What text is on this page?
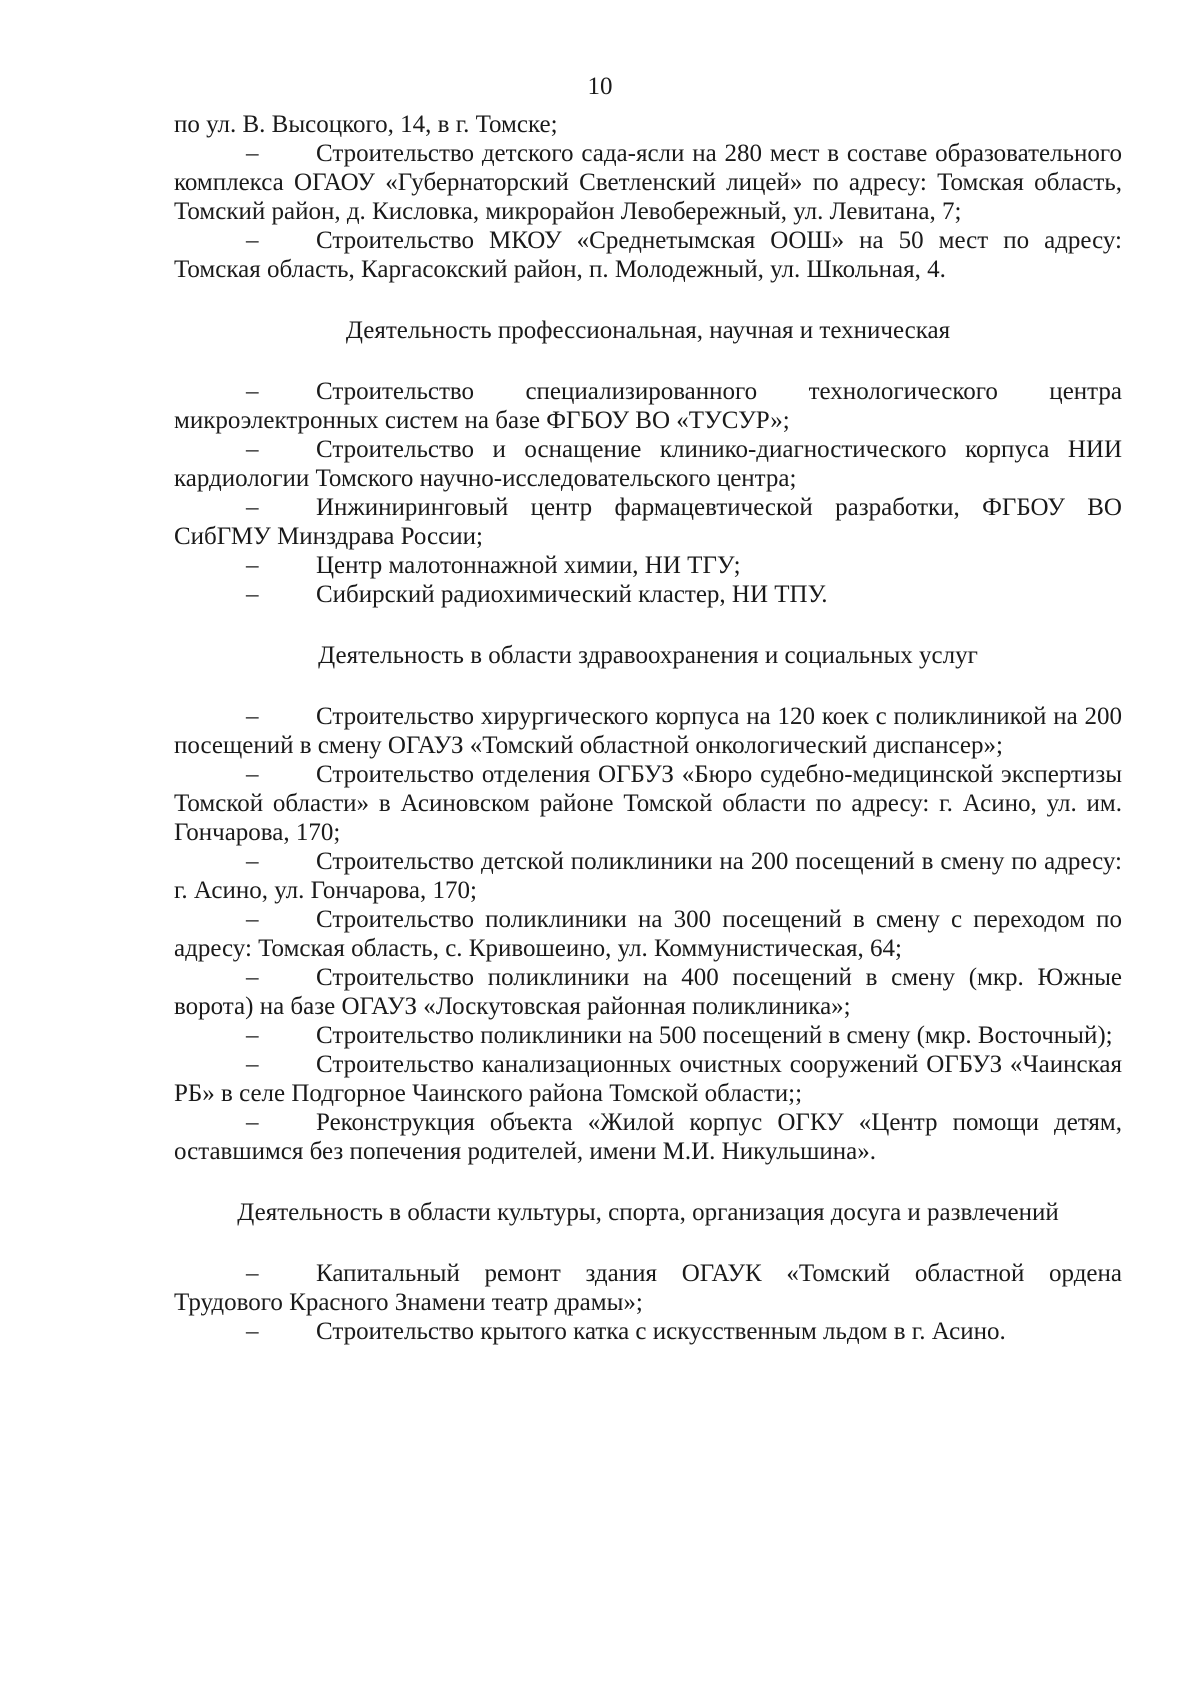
10

по ул. В. Высоцкого, 14, в г. Томске;

– Строительство детского сада-ясли на 280 мест в составе образовательного комплекса ОГАОУ «Губернаторский Светленский лицей» по адресу: Томская область, Томский район, д. Кисловка, микрорайон Левобережный, ул. Левитана, 7;

– Строительство МКОУ «Среднетымская ООШ» на 50 мест по адресу: Томская область, Каргасокский район, п. Молодежный, ул. Школьная, 4.

Деятельность профессиональная, научная и техническая

– Строительство специализированного технологического центра микроэлектронных систем на базе ФГБОУ ВО «ТУСУР»;

– Строительство и оснащение клинико-диагностического корпуса НИИ кардиологии Томского научно-исследовательского центра;

– Инжиниринговый центр фармацевтической разработки, ФГБОУ ВО СибГМУ Минздрава России;

– Центр малотоннажной химии, НИ ТГУ;

– Сибирский радиохимический кластер, НИ ТПУ.

Деятельность в области здравоохранения и социальных услуг

– Строительство хирургического корпуса на 120 коек с поликлиникой на 200 посещений в смену ОГАУЗ «Томский областной онкологический диспансер»;

– Строительство отделения ОГБУЗ «Бюро судебно-медицинской экспертизы Томской области» в Асиновском районе Томской области по адресу: г. Асино, ул. им. Гончарова, 170;

– Строительство детской поликлиники на 200 посещений в смену по адресу: г. Асино, ул. Гончарова, 170;

– Строительство поликлиники на 300 посещений в смену с переходом по адресу: Томская область, с. Кривошеино, ул. Коммунистическая, 64;

– Строительство поликлиники на 400 посещений в смену (мкр. Южные ворота) на базе ОГАУЗ «Лоскутовская районная поликлиника»;

– Строительство поликлиники на 500 посещений в смену (мкр. Восточный);

– Строительство канализационных очистных сооружений ОГБУЗ «Чаинская РБ» в селе Подгорное Чаинского района Томской области;;

– Реконструкция объекта «Жилой корпус ОГКУ «Центр помощи детям, оставшимся без попечения родителей, имени М.И. Никульшина».

Деятельность в области культуры, спорта, организация досуга и развлечений

– Капитальный ремонт здания ОГАУК «Томский областной ордена Трудового Красного Знамени театр драмы»;

– Строительство крытого катка с искусственным льдом в г. Асино.
